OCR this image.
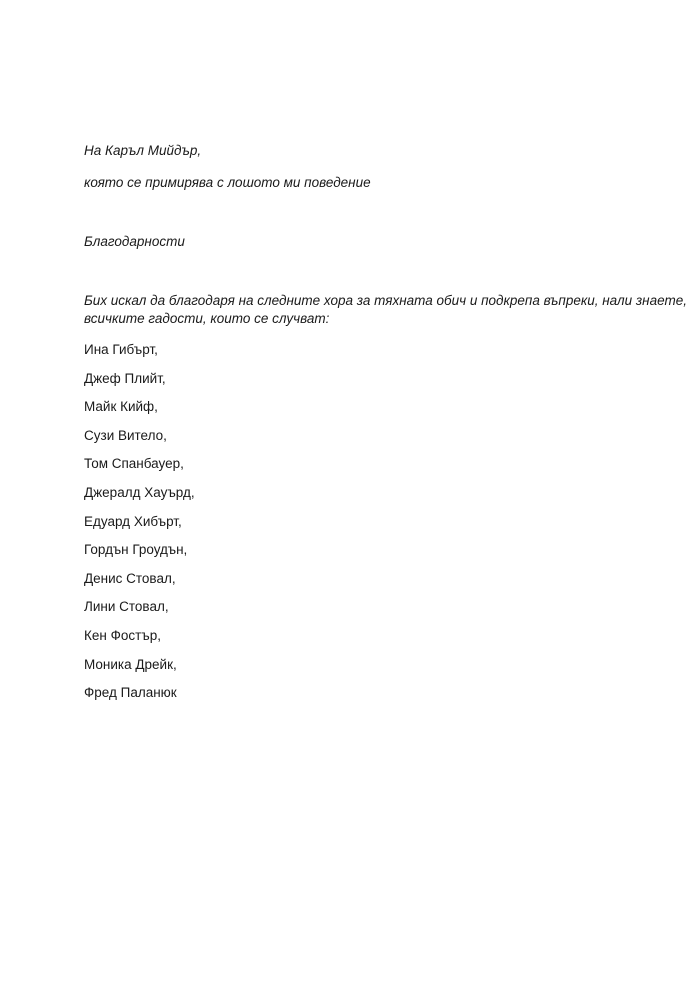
На Каръл Мийдър,
която се примирява с лошото ми поведение
Благодарности
Бих искал да благодаря на следните хора за тяхната обич и подкрепа въпреки, нали знаете,
всичките гадости, които се случват:
Ина Гибърт,
Джеф Плийт,
Майк Кийф,
Сузи Витело,
Том Спанбауер,
Джералд Хауърд,
Едуард Хибърт,
Гордън Гроудън,
Денис Стовал,
Лини Стовал,
Кен Фостър,
Моника Дрейк,
Фред Паланюк
